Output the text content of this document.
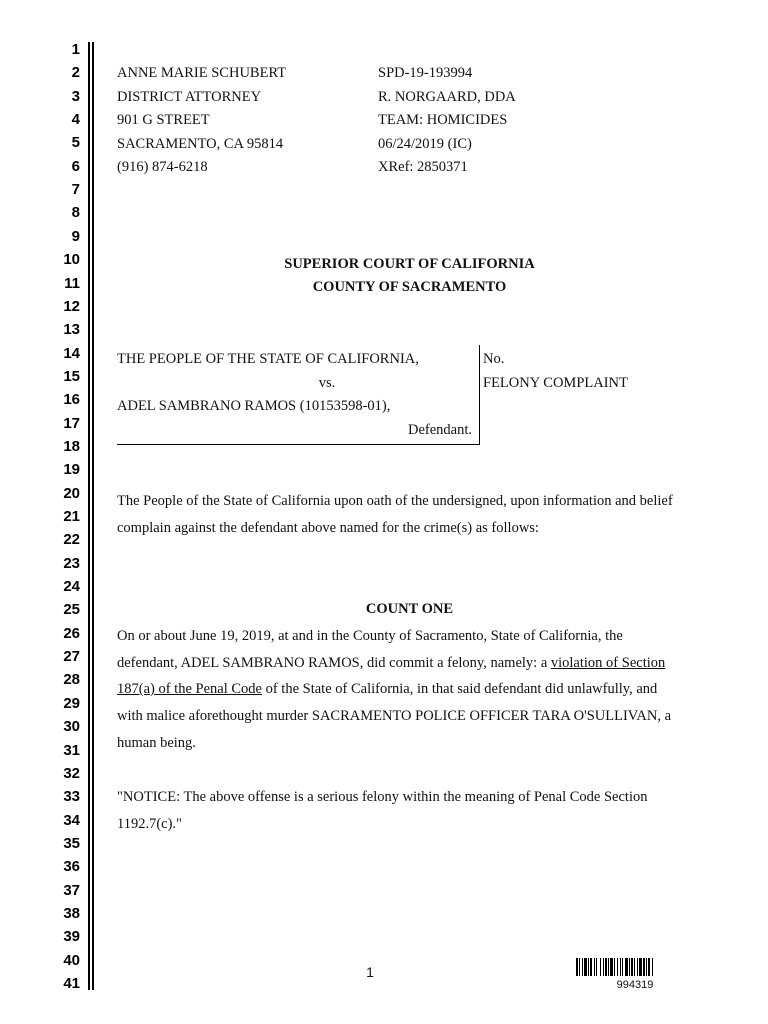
1
2
3
4
5
6
7
8
9
10
11
12
13
14
15
16
17
18
19
20
21
22
23
24
25
26
27
28
29
30
31
32
33
34
35
36
37
38
39
40
41
ANNE MARIE SCHUBERT
DISTRICT ATTORNEY
901 G STREET
SACRAMENTO, CA 95814
(916) 874-6218
SPD-19-193994
R. NORGAARD, DDA
TEAM: HOMICIDES
06/24/2019 (IC)
XRef: 2850371
SUPERIOR COURT OF CALIFORNIA
COUNTY OF SACRAMENTO
THE PEOPLE OF THE STATE OF CALIFORNIA,
vs.
ADEL SAMBRANO RAMOS (10153598-01),
Defendant.
No.
FELONY COMPLAINT
The People of the State of California upon oath of the undersigned, upon information and belief
complain against the defendant above named for the crime(s) as follows:
COUNT ONE
On or about June 19, 2019, at and in the County of Sacramento, State of California, the
defendant, ADEL SAMBRANO RAMOS, did commit a felony, namely: a violation of Section
187(a) of the Penal Code of the State of California, in that said defendant did unlawfully, and
with malice aforethought murder SACRAMENTO POLICE OFFICER TARA O'SULLIVAN, a
human being.
"NOTICE: The above offense is a serious felony within the meaning of Penal Code Section
1192.7(c)."
1
994319
